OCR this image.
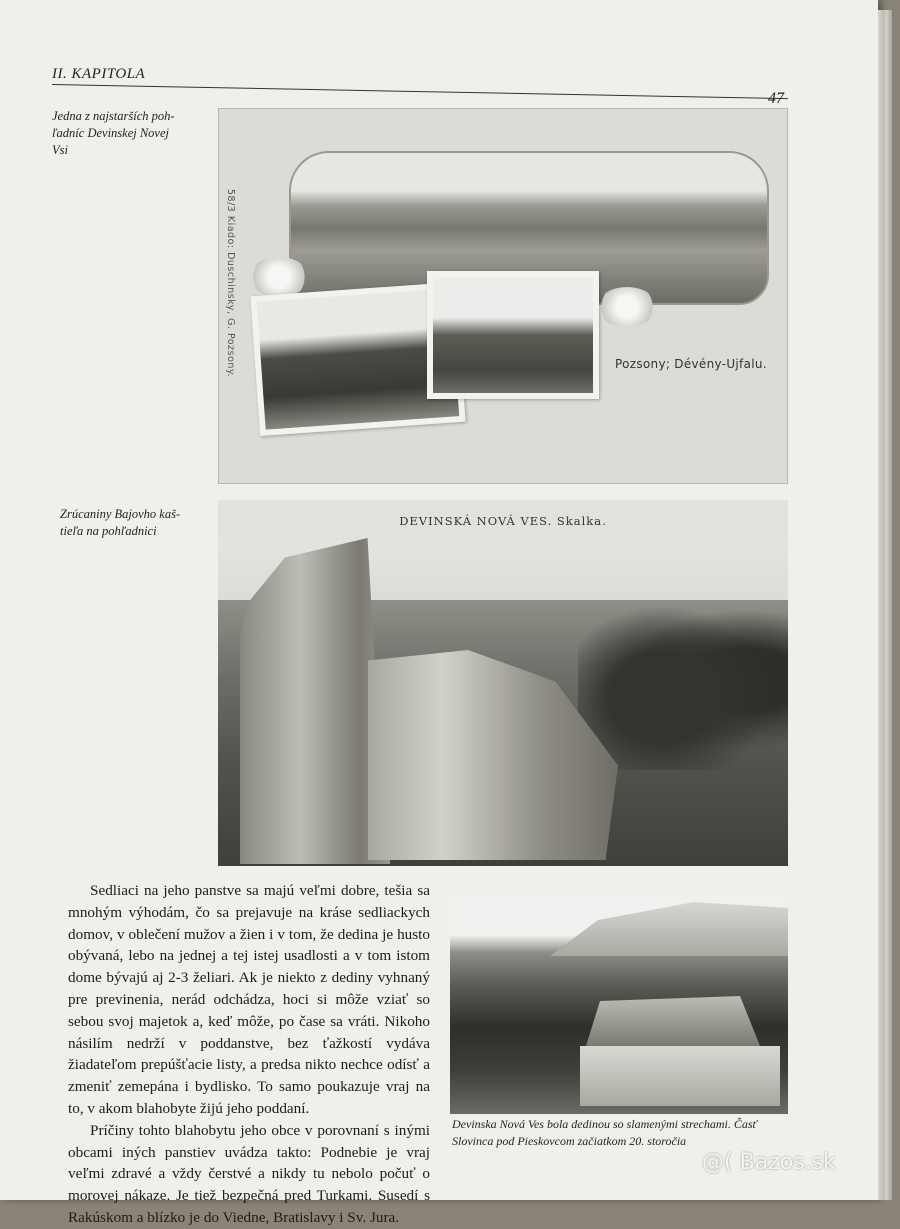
II. KAPITOLA
47
Jedna z najstarších poh-
ľadníc Devinskej Novej
Vsi
58/3 Kiado: Duschinsky, G. Pozsony.	Pozsony; Dévény-Ujfalu.
Zrúcaniny Bajovho kaš-
tieľa na pohľadnici
DEVINSKÁ NOVÁ VES. Skalka.

Sedliaci na jeho panstve sa majú veľmi dobre, tešia sa mnohým výhodám, čo sa prejavuje na kráse sedliackych domov, v oblečení mužov a žien i v tom, že dedina je husto obývaná, lebo na jednej a tej istej usadlosti a v tom istom dome bývajú aj 2-3 želiari. Ak je niekto z dediny vyhnaný pre previnenia, nerád odchádza, hoci si môže vziať so sebou svoj majetok a, keď môže, po čase sa vráti. Nikoho násilím nedrží v poddanstve, bez ťažkostí vydáva žiadateľom prepúšťacie listy, a predsa nikto nechce odísť a zmeniť zemepána i bydlisko. To samo poukazuje vraj na to, v akom blahobyte žijú jeho poddaní.

Príčiny tohto blahobytu jeho obce v porovnaní s inými obcami iných panstiev uvádza takto: Podnebie je vraj veľmi zdravé a vždy čerstvé a nikdy tu nebolo počuť o morovej nákaze. Je tiež bezpečná pred Turkami. Susedí s Rakúskom a blízko je do Viedne, Bratislavy i Sv. Jura.

Devinska Nová Ves bola dedinou so slamenými strechami. Časť
Slovinca pod Pieskovcom začiatkom 20. storočia
@( Bazos.sk
